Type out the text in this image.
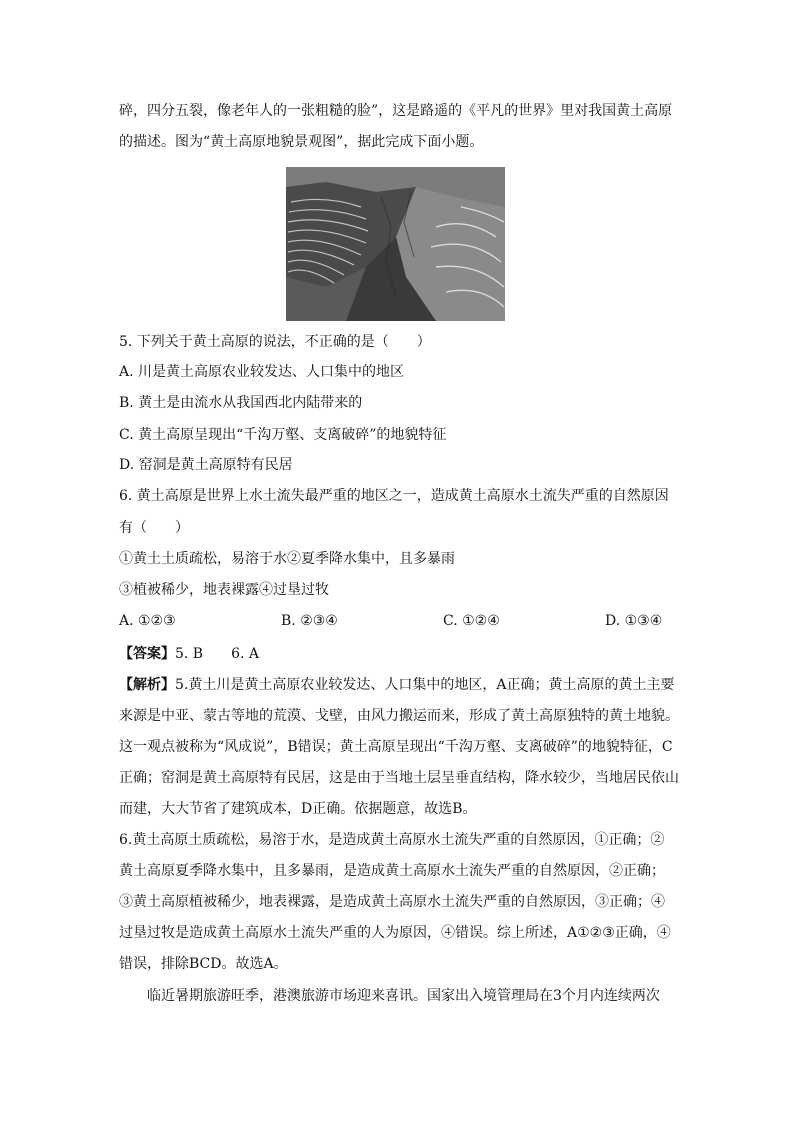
碎，四分五裂，像老年人的一张粗糙的脸”，这是路遥的《平凡的世界》里对我国黄土高原
的描述。图为“黄土高原地貌景观图”，据此完成下面小题。
5. 下列关于黄土高原的说法，不正确的是（　　）
A. 川是黄土高原农业较发达、人口集中的地区
B. 黄土是由流水从我国西北内陆带来的
C. 黄土高原呈现出“千沟万壑、支离破碎”的地貌特征
D. 窑洞是黄土高原特有民居
6. 黄土高原是世界上水土流失最严重的地区之一，造成黄土高原水土流失严重的自然原因
有（　　）
①黄土土质疏松，易溶于水②夏季降水集中，且多暴雨
③植被稀少，地表裸露④过垦过牧
A. ①②③	B. ②③④	C. ①②④	D. ①③④
【答案】5. B　　6. A
【解析】5.黄土川是黄土高原农业较发达、人口集中的地区，A正确；黄土高原的黄土主要
来源是中亚、蒙古等地的荒漠、戈壁，由风力搬运而来，形成了黄土高原独特的黄土地貌。
这一观点被称为“风成说”，B错误；黄土高原呈现出“千沟万壑、支离破碎”的地貌特征，C
正确；窑洞是黄土高原特有民居，这是由于当地土层呈垂直结构，降水较少，当地居民依山
而建，大大节省了建筑成本，D正确。依据题意，故选B。
6.黄土高原土质疏松，易溶于水，是造成黄土高原水土流失严重的自然原因，①正确；②
黄土高原夏季降水集中，且多暴雨，是造成黄土高原水土流失严重的自然原因，②正确；
③黄土高原植被稀少，地表裸露，是造成黄土高原水土流失严重的自然原因，③正确；④
过垦过牧是造成黄土高原水土流失严重的人为原因，④错误。综上所述，A①②③正确，④
错误，排除BCD。故选A。
临近暑期旅游旺季，港澳旅游市场迎来喜讯。国家出入境管理局在3个月内连续两次
